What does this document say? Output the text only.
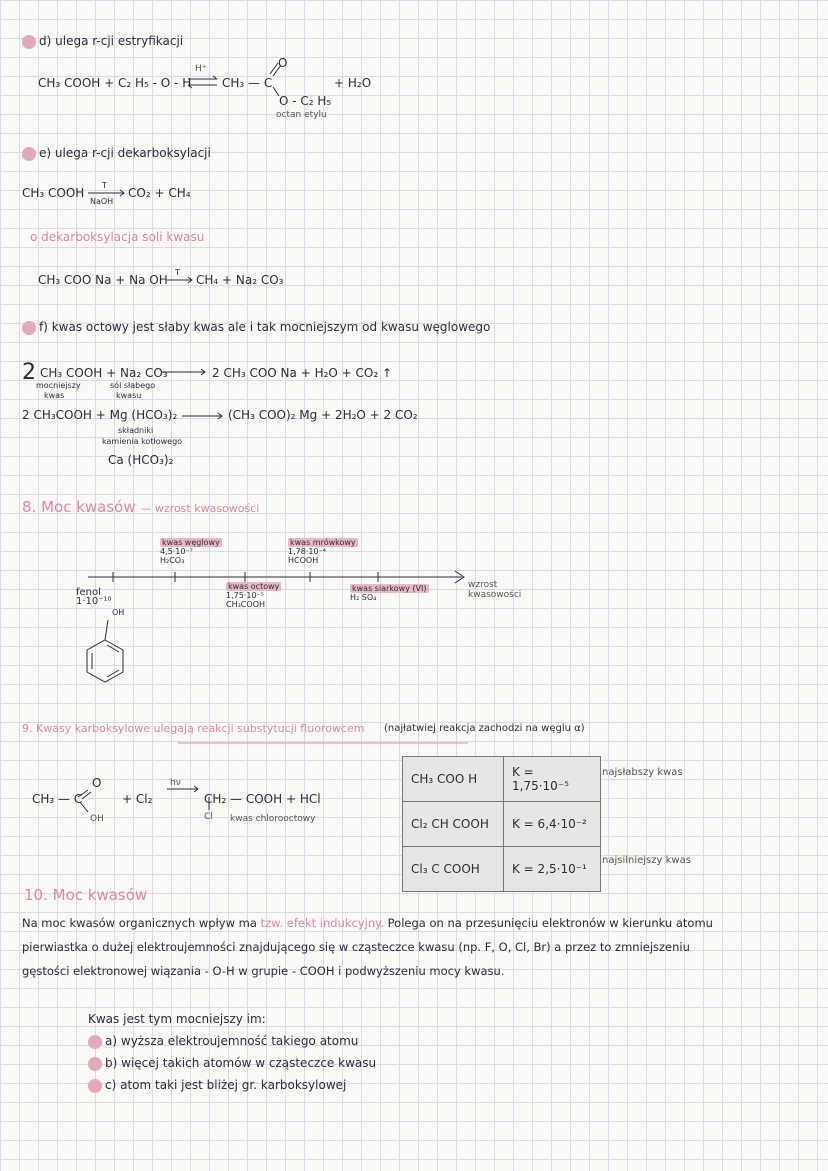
d) ulega r-cji estryfikacji
CH₃ COOH + C₂ H₅ - O - H
H⁺
CH₃ — C
O
O - C₂ H₅
octan etylu
+ H₂O
e) ulega r-cji dekarboksylacji
CH₃ COOH
T
NaOH
CO₂ + CH₄
o dekarboksylacja soli kwasu
CH₃ COO Na + Na OH
T
CH₄ + Na₂ CO₃
f) kwas octowy jest słaby kwas ale i tak mocniejszym od kwasu węglowego
2 CH₃ COOH + Na₂ CO₃
mocniejszy
kwas
sól słabego
kwasu
2 CH₃ COO Na + H₂O + CO₂ ↑
2 CH₃COOH + Mg (HCO₃)₂	(CH₃ COO)₂ Mg + 2H₂O + 2 CO₂
składniki
kamienia kotłowego
Ca (HCO₃)₂
8. Moc kwasów — wzrost kwasowości
fenol
1·10⁻¹⁰
OH
kwas węglowy
4,5·10⁻⁷
H₂CO₃
kwas octowy
1,75·10⁻⁵
CH₃COOH
kwas mrówkowy
1,78·10⁻⁴
HCOOH
kwas siarkowy (VI)
H₂ SO₄
wzrost
kwasowości
9. Kwasy karboksylowe ulegają reakcji substytucji fluorowcem (najłatwiej reakcja zachodzi na węglu α)
CH₃ — C
O
OH
+ Cl₂
hν
CH₂ — COOH + HCl
Cl kwas chlorooctowy
CH₃ COO H	K = 1,75·10⁻⁵
Cl₂ CH COOH	K = 6,4·10⁻²
Cl₃ C COOH	K = 2,5·10⁻¹
najsłabszy kwas
najsilniejszy kwas
10. Moc kwasów
Na moc kwasów organicznych wpływ ma tzw. efekt indukcyjny. Polega on na przesunięciu elektronów w kierunku atomu
pierwiastka o dużej elektroujemności znajdującego się w cząsteczce kwasu (np. F, O, Cl, Br) a przez to zmniejszeniu
gęstości elektronowej wiązania - O-H w grupie - COOH i podwyższeniu mocy kwasu.
Kwas jest tym mocniejszy im:
a) wyższa elektroujemność takiego atomu
b) więcej takich atomów w cząsteczce kwasu
c) atom taki jest bliżej gr. karboksylowej
